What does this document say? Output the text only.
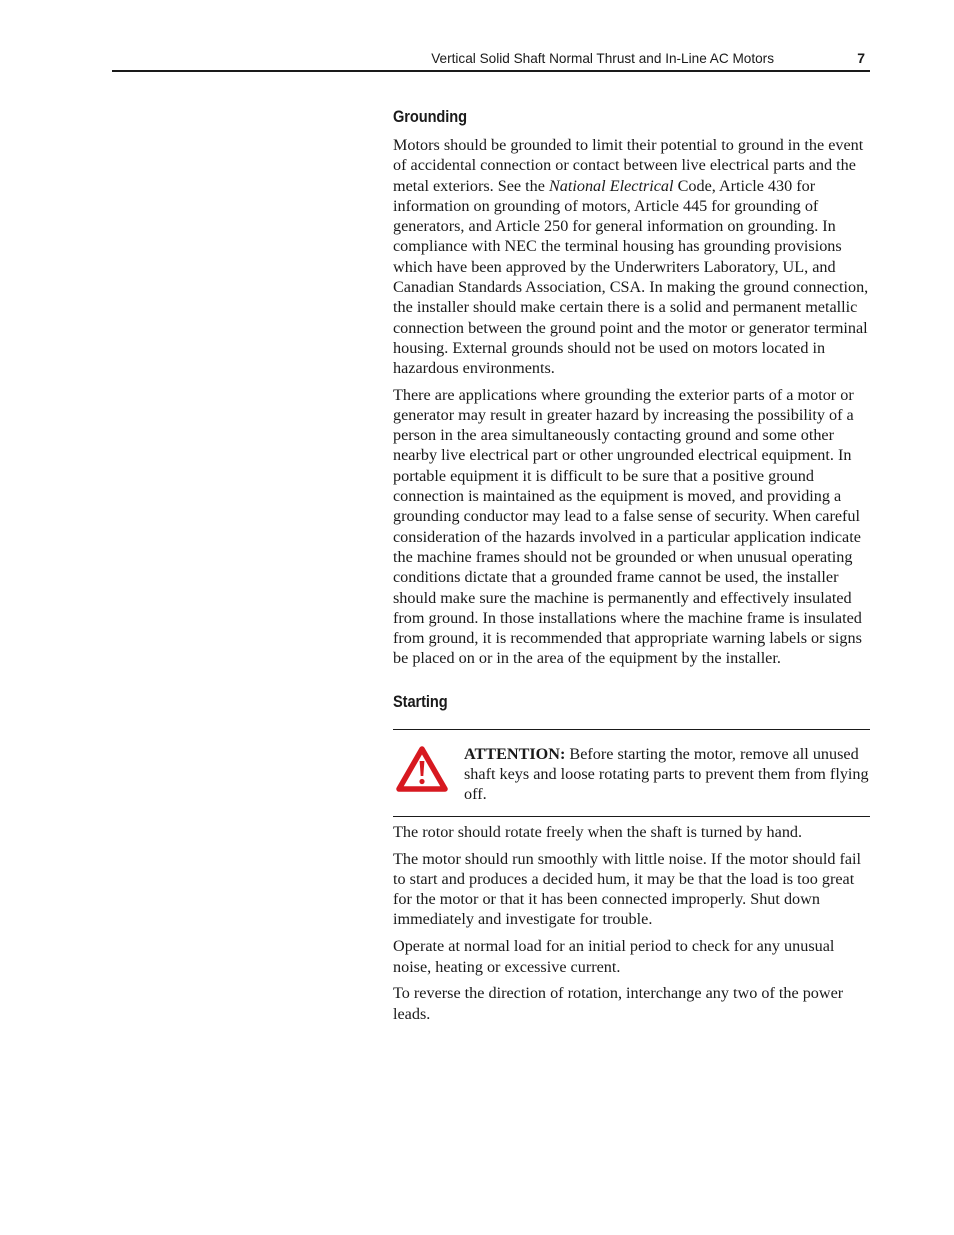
Vertical Solid Shaft Normal Thrust and In-Line AC Motors	7
Grounding

Motors should be grounded to limit their potential to ground in the event of accidental connection or contact between live electrical parts and the metal exteriors. See the National Electrical Code, Article 430 for information on grounding of motors, Article 445 for grounding of generators, and Article 250 for general information on grounding. In compliance with NEC the terminal housing has grounding provisions which have been approved by the Underwriters Laboratory, UL, and Canadian Standards Association, CSA. In making the ground connection, the installer should make certain there is a solid and permanent metallic connection between the ground point and the motor or generator terminal housing. External grounds should not be used on motors located in hazardous environments.

There are applications where grounding the exterior parts of a motor or generator may result in greater hazard by increasing the possibility of a person in the area simultaneously contacting ground and some other nearby live electrical part or other ungrounded electrical equipment. In portable equipment it is difficult to be sure that a positive ground connection is maintained as the equipment is moved, and providing a grounding conductor may lead to a false sense of security. When careful consideration of the hazards involved in a particular application indicate the machine frames should not be grounded or when unusual operating conditions dictate that a grounded frame cannot be used, the installer should make sure the machine is permanently and effectively insulated from ground. In those installations where the machine frame is insulated from ground, it is recommended that appropriate warning labels or signs be placed on or in the area of the equipment by the installer.

Starting

ATTENTION: Before starting the motor, remove all unused shaft keys and loose rotating parts to prevent them from flying off.

The rotor should rotate freely when the shaft is turned by hand.

The motor should run smoothly with little noise. If the motor should fail to start and produces a decided hum, it may be that the load is too great for the motor or that it has been connected improperly. Shut down immediately and investigate for trouble.

Operate at normal load for an initial period to check for any unusual noise, heating or excessive current.

To reverse the direction of rotation, interchange any two of the power leads.
